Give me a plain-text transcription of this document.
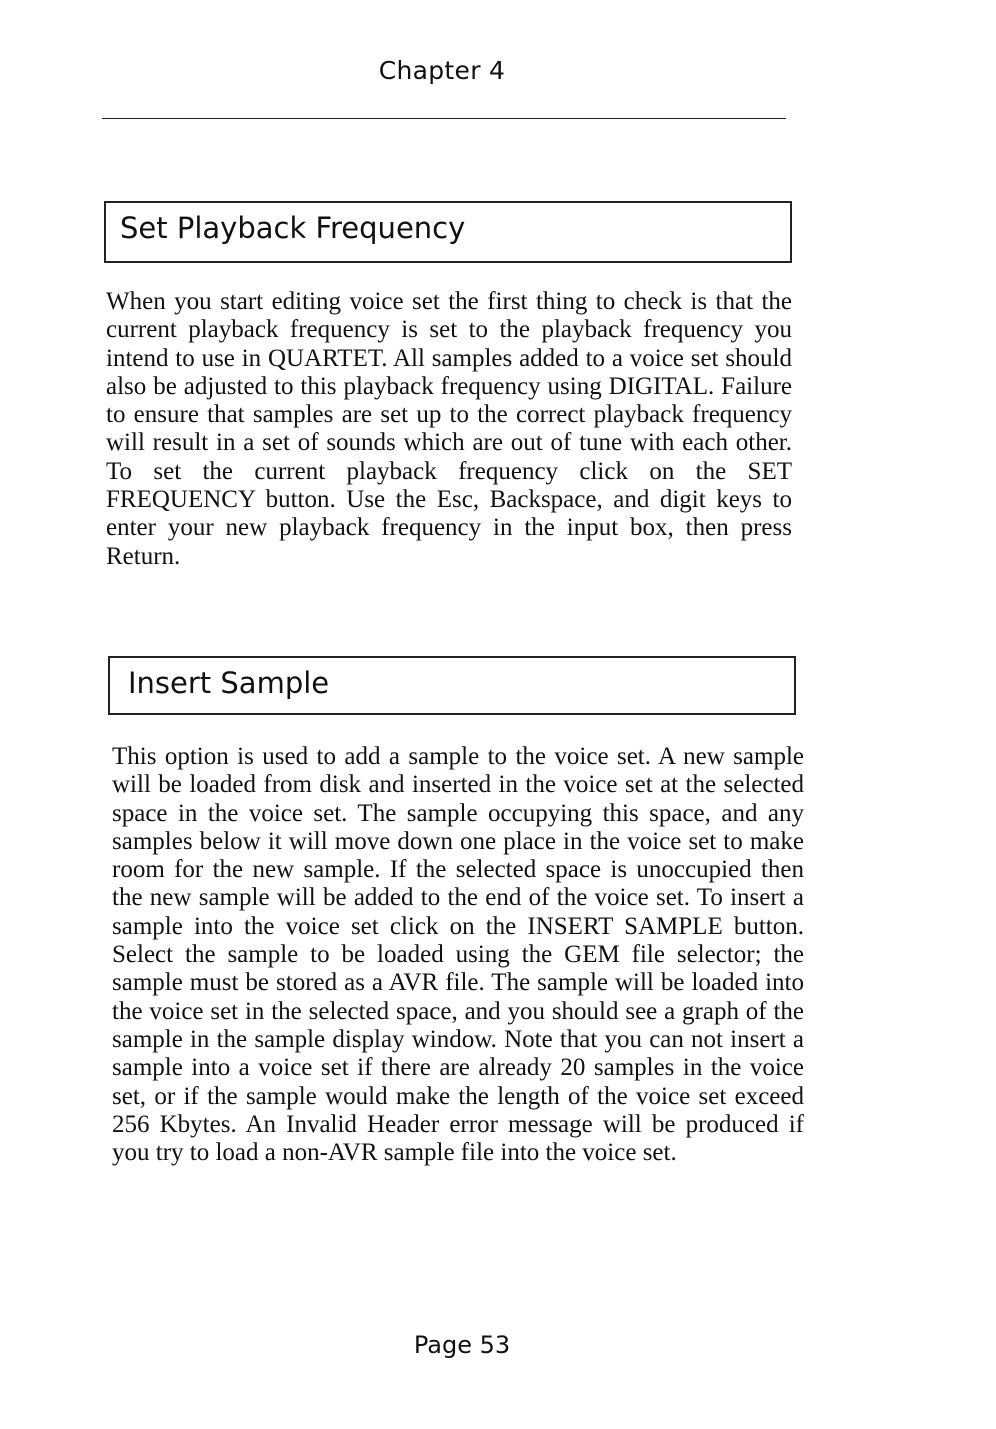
Chapter 4
Set Playback Frequency

When you start editing voice set the first thing to check is that the current playback frequency is set to the playback frequency you intend to use in QUARTET. All samples added to a voice set should also be adjusted to this playback frequency using DIGITAL. Failure to ensure that samples are set up to the correct playback frequency will result in a set of sounds which are out of tune with each other. To set the current playback frequency click on the SET FREQUENCY button. Use the Esc, Backspace, and digit keys to enter your new playback frequency in the input box, then press Return.

Insert Sample

This option is used to add a sample to the voice set. A new sample will be loaded from disk and inserted in the voice set at the selected space in the voice set. The sample occupying this space, and any samples below it will move down one place in the voice set to make room for the new sample. If the selected space is unoccupied then the new sample will be added to the end of the voice set. To insert a sample into the voice set click on the INSERT SAMPLE button. Select the sample to be loaded using the GEM file selector; the sample must be stored as a AVR file. The sample will be loaded into the voice set in the selected space, and you should see a graph of the sample in the sample display window. Note that you can not insert a sample into a voice set if there are already 20 samples in the voice set, or if the sample would make the length of the voice set exceed 256 Kbytes. An Invalid Header error message will be produced if you try to load a non-AVR sample file into the voice set.

Page 53
